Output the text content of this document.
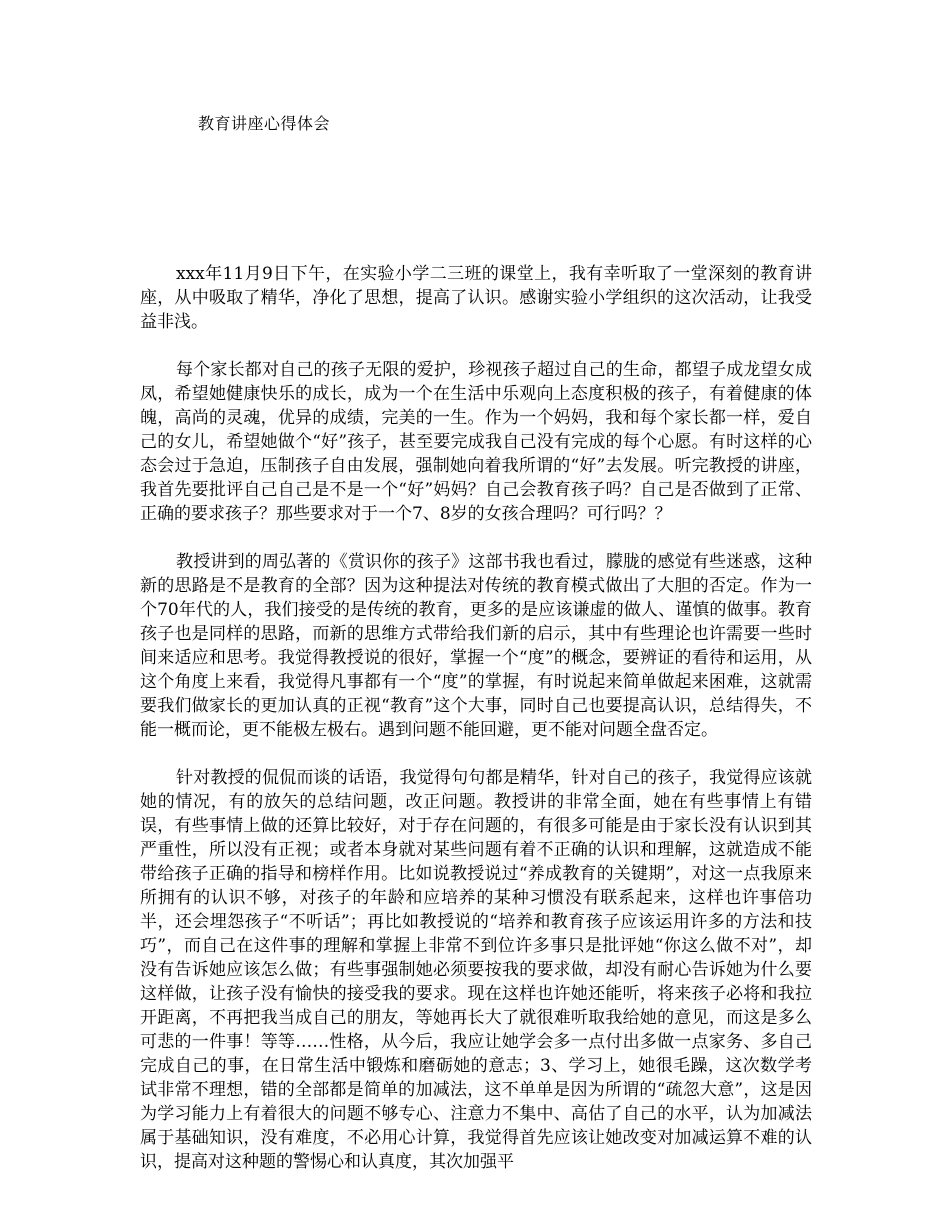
教育讲座心得体会

xxx年11月9日下午，在实验小学二三班的课堂上，我有幸听取了一堂深刻的教育讲座，从中吸取了精华，净化了思想，提高了认识。感谢实验小学组织的这次活动，让我受益非浅。

每个家长都对自己的孩子无限的爱护，珍视孩子超过自己的生命，都望子成龙望女成凤，希望她健康快乐的成长，成为一个在生活中乐观向上态度积极的孩子，有着健康的体魄，高尚的灵魂，优异的成绩，完美的一生。作为一个妈妈，我和每个家长都一样，爱自己的女儿，希望她做个“好”孩子，甚至要完成我自己没有完成的每个心愿。有时这样的心态会过于急迫，压制孩子自由发展，强制她向着我所谓的“好”去发展。听完教授的讲座，我首先要批评自己自己是不是一个“好”妈妈？自己会教育孩子吗？自己是否做到了正常、正确的要求孩子？那些要求对于一个7、8岁的女孩合理吗？可行吗？？

教授讲到的周弘著的《赏识你的孩子》这部书我也看过，朦胧的感觉有些迷惑，这种新的思路是不是教育的全部？因为这种提法对传统的教育模式做出了大胆的否定。作为一个70年代的人，我们接受的是传统的教育，更多的是应该谦虚的做人、谨慎的做事。教育孩子也是同样的思路，而新的思维方式带给我们新的启示，其中有些理论也许需要一些时间来适应和思考。我觉得教授说的很好，掌握一个“度”的概念，要辨证的看待和运用，从这个角度上来看，我觉得凡事都有一个“度”的掌握，有时说起来简单做起来困难，这就需要我们做家长的更加认真的正视“教育”这个大事，同时自己也要提高认识，总结得失，不能一概而论，更不能极左极右。遇到问题不能回避，更不能对问题全盘否定。

针对教授的侃侃而谈的话语，我觉得句句都是精华，针对自己的孩子，我觉得应该就她的情况，有的放矢的总结问题，改正问题。教授讲的非常全面，她在有些事情上有错误，有些事情上做的还算比较好，对于存在问题的，有很多可能是由于家长没有认识到其严重性，所以没有正视；或者本身就对某些问题有着不正确的认识和理解，这就造成不能带给孩子正确的指导和榜样作用。比如说教授说过“养成教育的关键期”，对这一点我原来所拥有的认识不够，对孩子的年龄和应培养的某种习惯没有联系起来，这样也许事倍功半，还会埋怨孩子“不听话”；再比如教授说的“培养和教育孩子应该运用许多的方法和技巧”，而自己在这件事的理解和掌握上非常不到位许多事只是批评她“你这么做不对”，却没有告诉她应该怎么做；有些事强制她必须要按我的要求做，却没有耐心告诉她为什么要这样做，让孩子没有愉快的接受我的要求。现在这样也许她还能听，将来孩子必将和我拉开距离，不再把我当成自己的朋友，等她再长大了就很难听取我给她的意见，而这是多么可悲的一件事！等等……性格，从今后，我应让她学会多一点付出多做一点家务、多自己完成自己的事，在日常生活中锻炼和磨砺她的意志；3、学习上，她很毛躁，这次数学考试非常不理想，错的全部都是简单的加减法，这不单单是因为所谓的“疏忽大意”，这是因为学习能力上有着很大的问题不够专心、注意力不集中、高估了自己的水平，认为加减法属于基础知识，没有难度，不必用心计算，我觉得首先应该让她改变对加减运算不难的认识，提高对这种题的警惕心和认真度，其次加强平
